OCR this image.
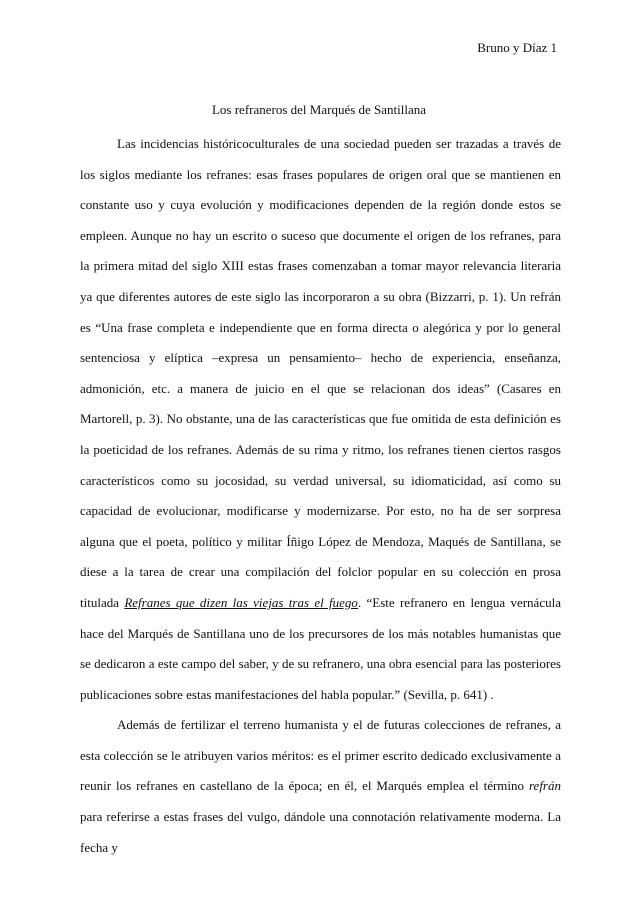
Bruno y Díaz 1
Los refraneros del Marqués de Santillana

Las incidencias históricoculturales de una sociedad pueden ser trazadas a través de los siglos mediante los refranes: esas frases populares de origen oral que se mantienen en constante uso y cuya evolución y modificaciones dependen de la región donde estos se empleen. Aunque no hay un escrito o suceso que documente el origen de los refranes, para la primera mitad del siglo XIII estas frases comenzaban a tomar mayor relevancia literaria ya que diferentes autores de este siglo las incorporaron a su obra (Bizzarri, p. 1). Un refrán es “Una frase completa e independiente que en forma directa o alegórica y por lo general sentenciosa y elíptica –expresa un pensamiento– hecho de experiencia, enseñanza, admonición, etc. a manera de juicio en el que se relacionan dos ideas” (Casares en Martorell, p. 3). No obstante, una de las características que fue omitida de esta definición es la poeticidad de los refranes. Además de su rima y ritmo, los refranes tienen ciertos rasgos característicos como su jocosidad, su verdad universal, su idiomaticidad, así como su capacidad de evolucionar, modificarse y modernizarse. Por esto, no ha de ser sorpresa alguna que el poeta, político y militar Íñigo López de Mendoza, Maqués de Santillana, se diese a la tarea de crear una compilación del folclor popular en su colección en prosa titulada Refranes que dizen las viejas tras el fuego. “Este refranero en lengua vernácula hace del Marqués de Santillana uno de los precursores de los más notables humanistas que se dedicaron a este campo del saber, y de su refranero, una obra esencial para las posteriores publicaciones sobre estas manifestaciones del habla popular.” (Sevilla, p. 641) .

Además de fertilizar el terreno humanista y el de futuras colecciones de refranes, a esta colección se le atribuyen varios méritos: es el primer escrito dedicado exclusivamente a reunir los refranes en castellano de la época; en él, el Marqués emplea el término refrán para referirse a estas frases del vulgo, dándole una connotación relativamente moderna. La fecha y
